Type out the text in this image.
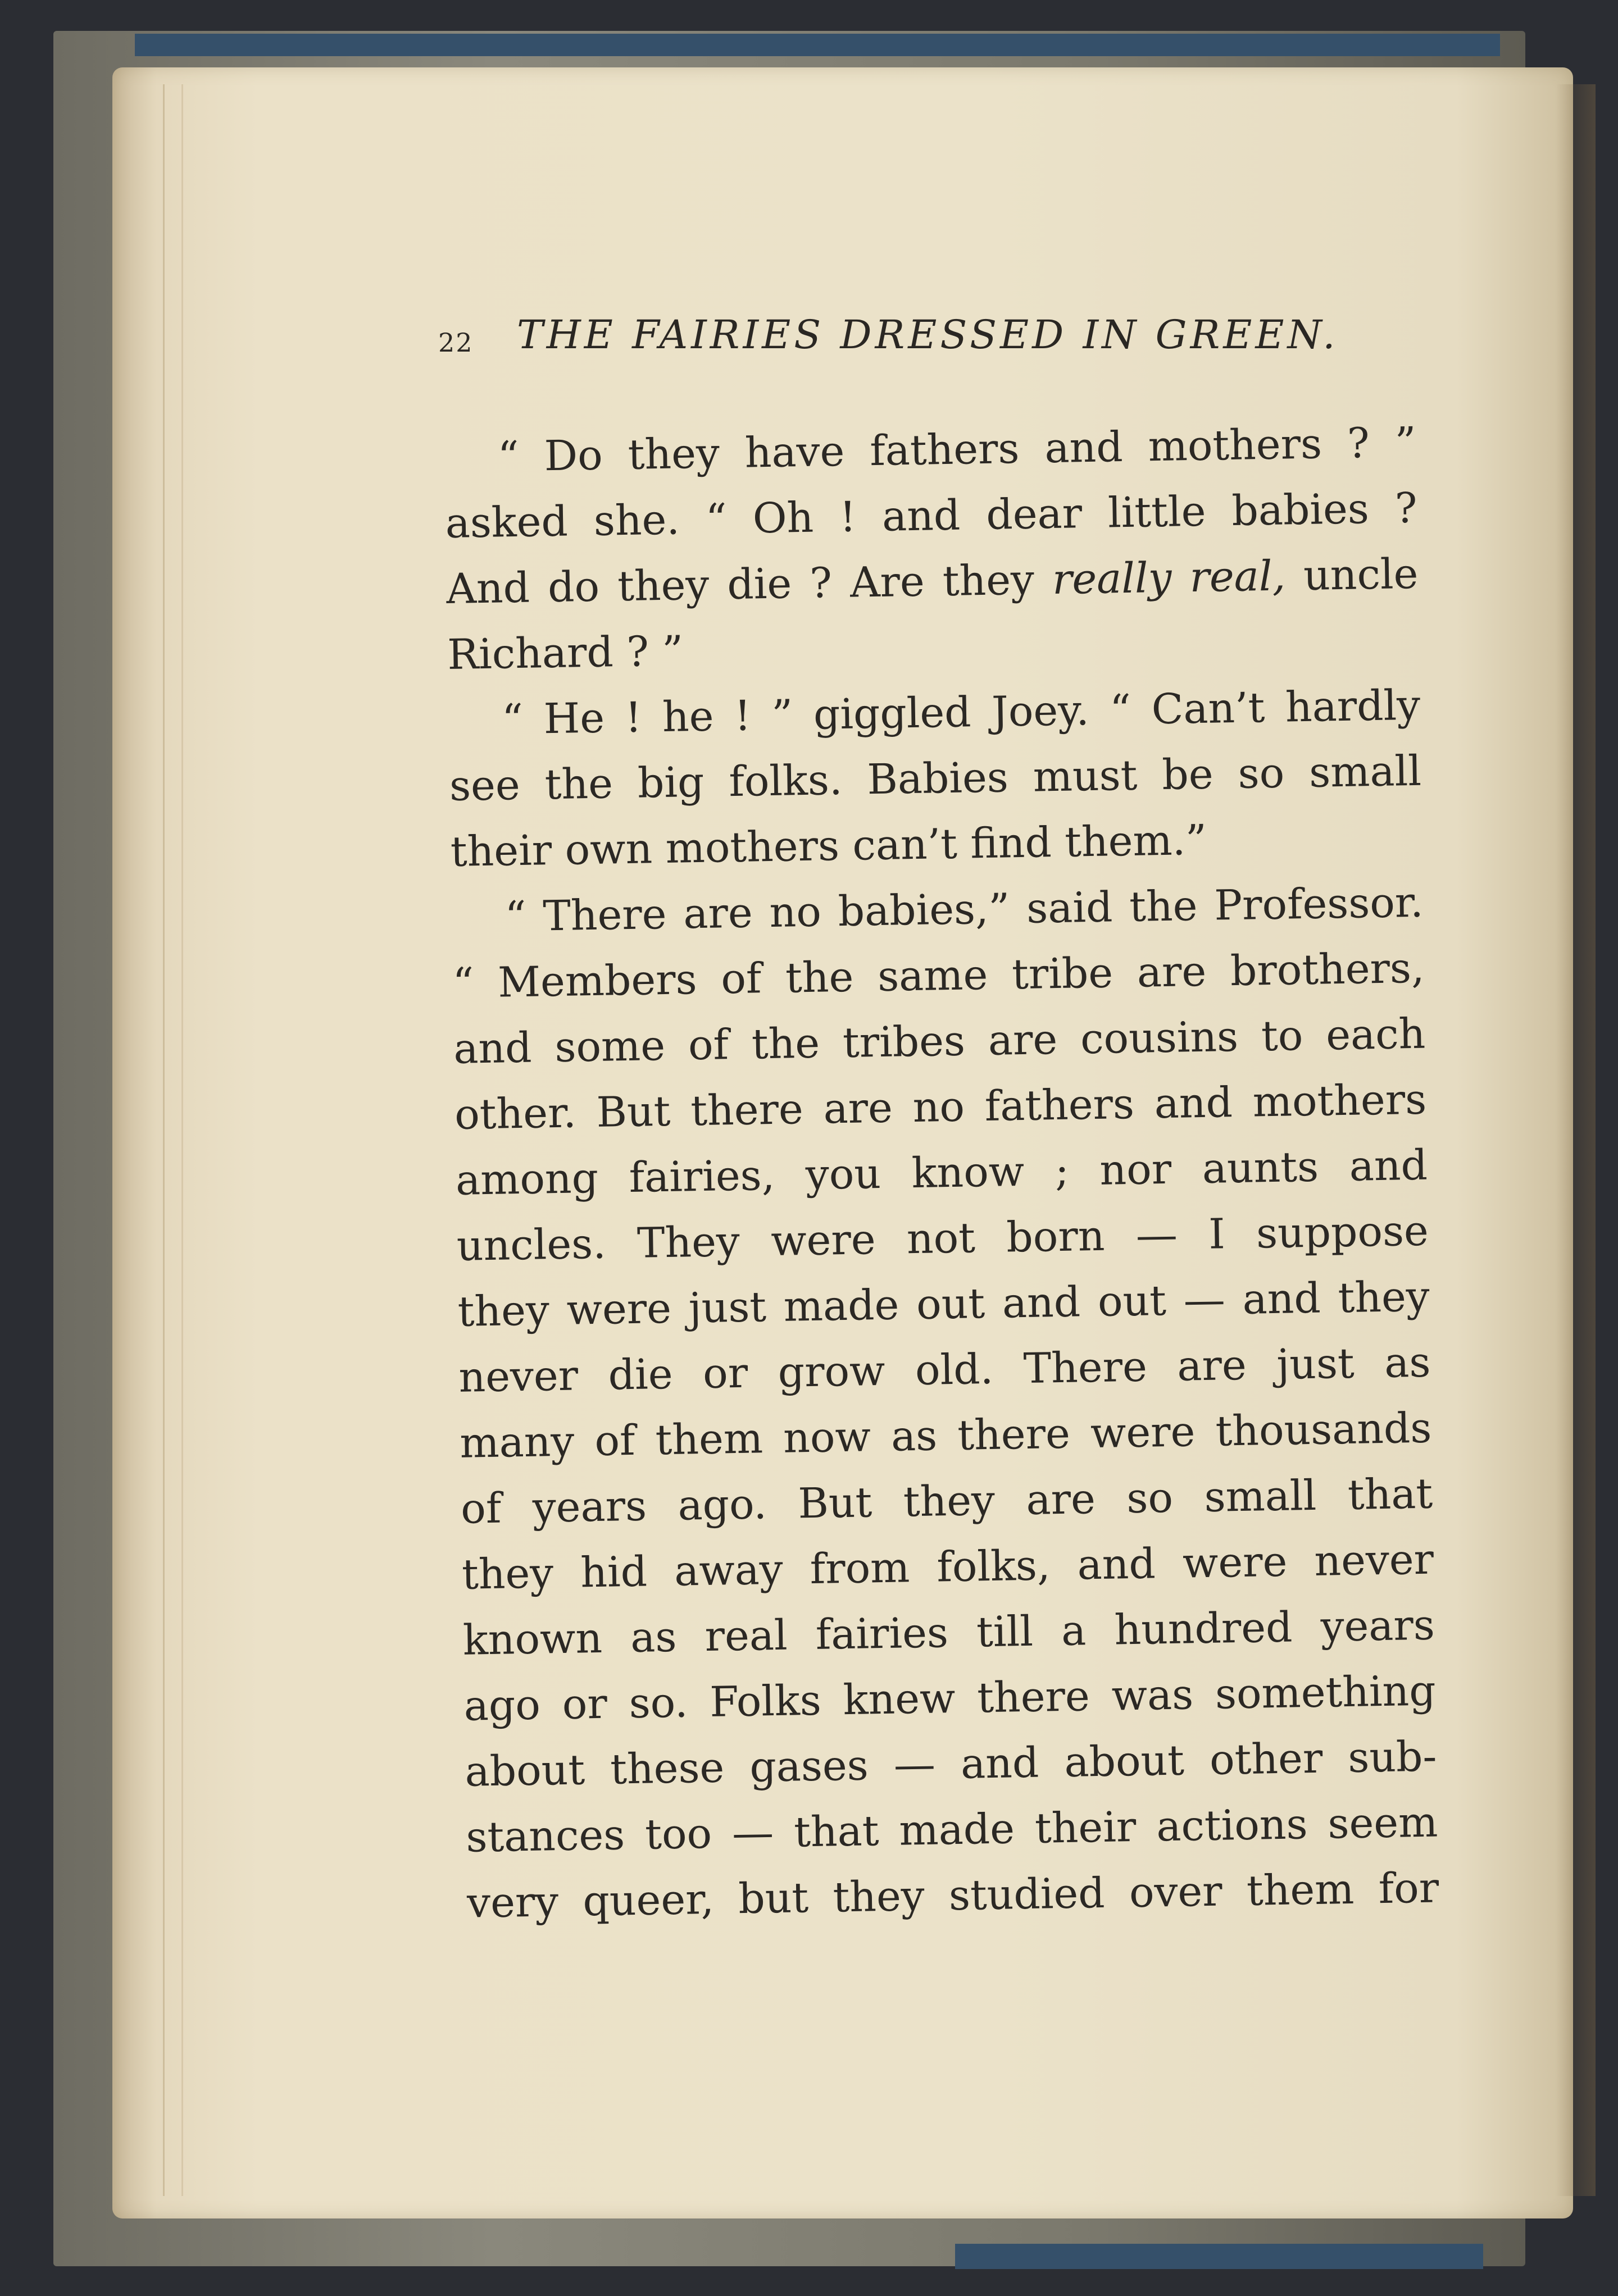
22 THE FAIRIES DRESSED IN GREEN.
“ Do they have fathers and mothers ? ”
asked she. “ Oh ! and dear little babies ?
And do they die ? Are they really real, uncle
Richard ? ”
“ He ! he ! ” giggled Joey. “ Can’t hardly
see the big folks. Babies must be so small
their own mothers can’t find them.”
“ There are no babies,” said the Professor.
“ Members of the same tribe are brothers,
and some of the tribes are cousins to each
other. But there are no fathers and mothers
among fairies, you know ; nor aunts and
uncles. They were not born — I suppose
they were just made out and out — and they
never die or grow old. There are just as
many of them now as there were thousands
of years ago. But they are so small that
they hid away from folks, and were never
known as real fairies till a hundred years
ago or so. Folks knew there was something
about these gases — and about other sub-
stances too — that made their actions seem
very queer, but they studied over them for
